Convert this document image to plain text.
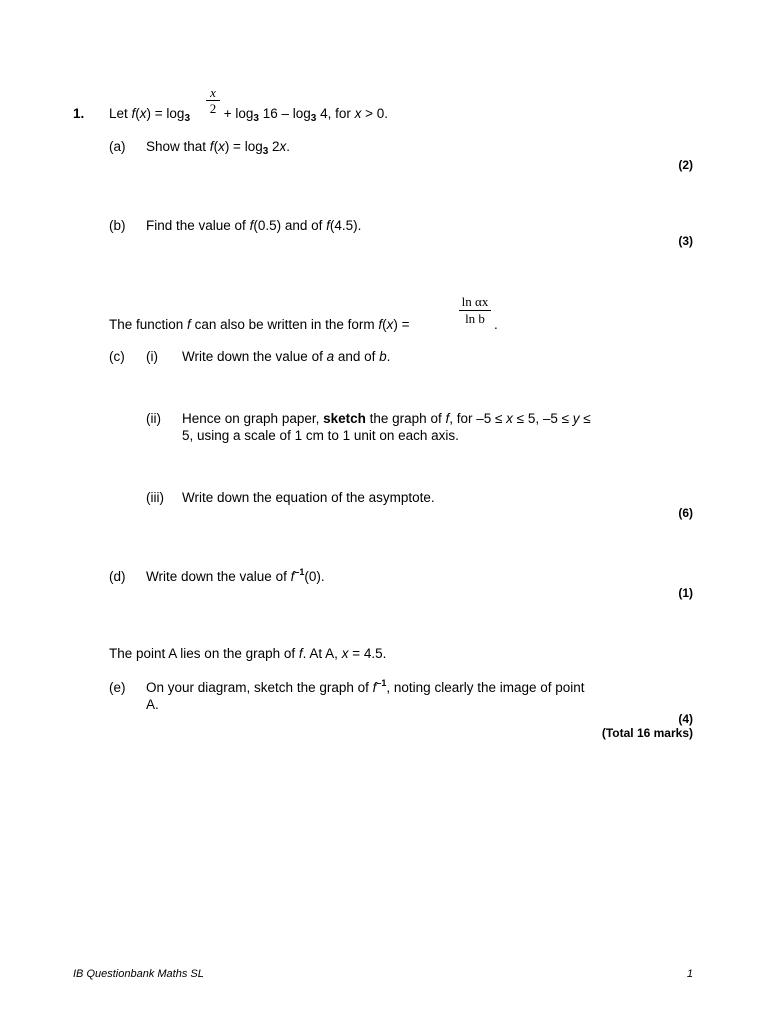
1. Let $f(x) = \log_3 + \log_3 16 - \log_3 4$, for x > 0.
$\frac{x}{2}$
(a) Show that $f(x) = \log_3 2x$.
(2)
(b) Find the value of f(0.5) and of f(4.5).
(3)
The function f can also be written in the form f(x) =	$\frac{\text{ln αx}}{\text{ln b}}$ .
(c) (i) Write down the value of a and of b.
(ii) Hence on graph paper, sketch the graph of f, for –5 ≤ x ≤ 5, –5 ≤ y ≤
5, using a scale of 1 cm to 1 unit on each axis.
(iii) Write down the equation of the asymptote.
(6)
(d) Write down the value of $f^{-1}(0)$.
(1)
The point A lies on the graph of f. At A, x = 4.5.
(e) On your diagram, sketch the graph of $f^{-1}$, noting clearly the image of point
A.
(4)
(Total 16 marks)
IB Questionbank Maths SL	1
